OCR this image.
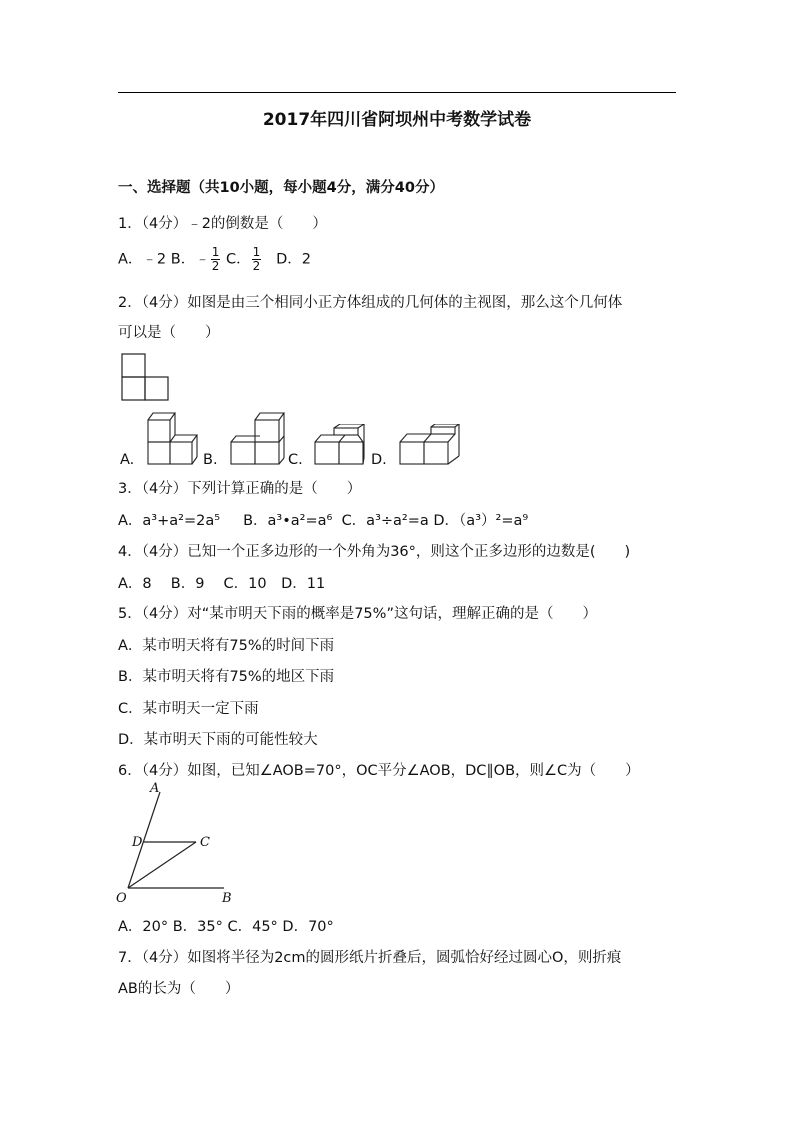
2017年四川省阿坝州中考数学试卷
一、选择题（共10小题，每小题4分，满分40分）
1．（4分）﹣2的倒数是（　　）
A．﹣2 B．﹣ $\frac{1}{2}$ C． $\frac{1}{2}$ D．2
2．（4分）如图是由三个相同小正方体组成的几何体的主视图，那么这个几何体
可以是（　　）
A.	B.	C.	D.
3．（4分）下列计算正确的是（　　）
A．a³+a²=2a⁵ B．a³•a²=a⁶ C．a³÷a²=a D．（a³）²=a⁹
4．（4分）已知一个正多边形的一个外角为36°，则这个正多边形的边数是(　　)
A．8　 B．9　 C．10　D．11
5．（4分）对“某市明天下雨的概率是75%”这句话，理解正确的是（　　）
A．某市明天将有75%的时间下雨
B．某市明天将有75%的地区下雨
C．某市明天一定下雨
D．某市明天下雨的可能性较大
6．（4分）如图，已知∠AOB=70°，OC平分∠AOB，DC∥OB，则∠C为（　　）
A
D	C
O	B
A．20° B．35° C．45° D．70°
7．（4分）如图将半径为2cm的圆形纸片折叠后，圆弧恰好经过圆心O，则折痕
AB的长为（　　）
